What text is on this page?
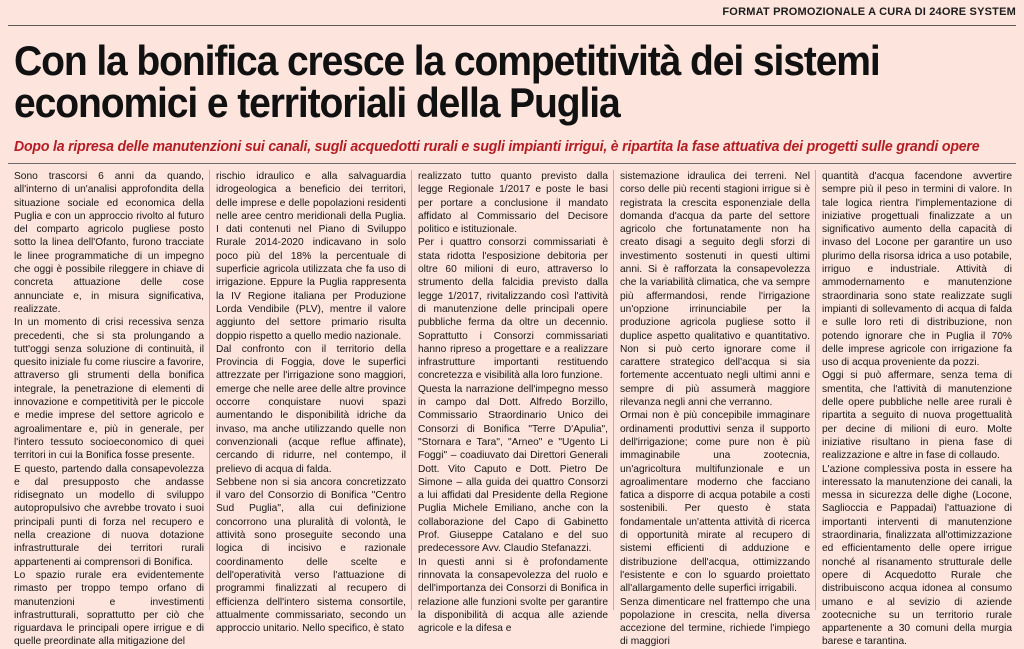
FORMAT PROMOZIONALE A CURA DI 24ORE SYSTEM
Con la bonifica cresce la competitività dei sistemi
economici e territoriali della Puglia

Dopo la ripresa delle manutenzioni sui canali, sugli acquedotti rurali e sugli impianti irrigui, è ripartita la fase attuativa dei progetti sulle grandi opere

Sono trascorsi 6 anni da quando, all'interno di un'analisi approfondita della situazione sociale ed economica della Puglia e con un approccio rivolto al futuro del comparto agricolo pugliese posto sotto la linea dell'Ofanto, furono tracciate le linee programmatiche di un impegno che oggi è possibile rileggere in chiave di concreta attuazione delle cose annunciate e, in misura significativa, realizzate.

In un momento di crisi recessiva senza precedenti, che si sta prolungando a tutt'oggi senza soluzione di continuità, il quesito iniziale fu come riuscire a favorire, attraverso gli strumenti della bonifica integrale, la penetrazione di elementi di innovazione e competitività per le piccole e medie imprese del settore agricolo e agroalimentare e, più in generale, per l'intero tessuto socioeconomico di quei territori in cui la Bonifica fosse presente.

E questo, partendo dalla consapevolezza e dal presupposto che andasse ridisegnato un modello di sviluppo autopropulsivo che avrebbe trovato i suoi principali punti di forza nel recupero e nella creazione di nuova dotazione infrastrutturale dei territori rurali appartenenti ai comprensori di Bonifica.

Lo spazio rurale era evidentemente rimasto per troppo tempo orfano di manutenzioni e investimenti infrastrutturali, soprattutto per ciò che riguardava le principali opere irrigue e di quelle preordinate alla mitigazione del

rischio idraulico e alla salvaguardia idrogeologica a beneficio dei territori, delle imprese e delle popolazioni residenti nelle aree centro meridionali della Puglia. I dati contenuti nel Piano di Sviluppo Rurale 2014-2020 indicavano in solo poco più del 18% la percentuale di superficie agricola utilizzata che fa uso di irrigazione. Eppure la Puglia rappresenta la IV Regione italiana per Produzione Lorda Vendibile (PLV), mentre il valore aggiunto del settore primario risulta doppio rispetto a quello medio nazionale.

Dal confronto con il territorio della Provincia di Foggia, dove le superfici attrezzate per l'irrigazione sono maggiori, emerge che nelle aree delle altre province occorre conquistare nuovi spazi aumentando le disponibilità idriche da invaso, ma anche utilizzando quelle non convenzionali (acque reflue affinate), cercando di ridurre, nel contempo, il prelievo di acqua di falda.

Sebbene non si sia ancora concretizzato il varo del Consorzio di Bonifica "Centro Sud Puglia", alla cui definizione concorrono una pluralità di volontà, le attività sono proseguite secondo una logica di incisivo e razionale coordinamento delle scelte e dell'operatività verso l'attuazione di programmi finalizzati al recupero di efficienza dell'intero sistema consortile, attualmente commissariato, secondo un approccio unitario. Nello specifico, è stato

realizzato tutto quanto previsto dalla legge Regionale 1/2017 e poste le basi per portare a conclusione il mandato affidato al Commissario del Decisore politico e istituzionale.

Per i quattro consorzi commissariati è stata ridotta l'esposizione debitoria per oltre 60 milioni di euro, attraverso lo strumento della falcidia previsto dalla legge 1/2017, rivitalizzando così l'attività di manutenzione delle principali opere pubbliche ferma da oltre un decennio. Soprattutto i Consorzi commissariati hanno ripreso a progettare e a realizzare infrastrutture importanti restituendo concretezza e visibilità alla loro funzione.

Questa la narrazione dell'impegno messo in campo dal Dott. Alfredo Borzillo, Commissario Straordinario Unico dei Consorzi di Bonifica "Terre D'Apulia", "Stornara e Tara", "Arneo" e "Ugento Li Foggi" – coadiuvato dai Direttori Generali Dott. Vito Caputo e Dott. Pietro De Simone – alla guida dei quattro Consorzi a lui affidati dal Presidente della Regione Puglia Michele Emiliano, anche con la collaborazione del Capo di Gabinetto Prof. Giuseppe Catalano e del suo predecessore Avv. Claudio Stefanazzi.

In questi anni si è profondamente rinnovata la consapevolezza del ruolo e dell'importanza dei Consorzi di Bonifica in relazione alle funzioni svolte per garantire la disponibilità di acqua alle aziende agricole e la difesa e

sistemazione idraulica dei terreni. Nel corso delle più recenti stagioni irrigue si è registrata la crescita esponenziale della domanda d'acqua da parte del settore agricolo che fortunatamente non ha creato disagi a seguito degli sforzi di investimento sostenuti in questi ultimi anni. Si è rafforzata la consapevolezza che la variabilità climatica, che va sempre più affermandosi, rende l'irrigazione un'opzione irrinunciabile per la produzione agricola pugliese sotto il duplice aspetto qualitativo e quantitativo. Non si può certo ignorare come il carattere strategico dell'acqua si sia fortemente accentuato negli ultimi anni e sempre di più assumerà maggiore rilevanza negli anni che verranno.

Ormai non è più concepibile immaginare ordinamenti produttivi senza il supporto dell'irrigazione; come pure non è più immaginabile una zootecnia, un'agricoltura multifunzionale e un agroalimentare moderno che facciano fatica a disporre di acqua potabile a costi sostenibili. Per questo è stata fondamentale un'attenta attività di ricerca di opportunità mirate al recupero di sistemi efficienti di adduzione e distribuzione dell'acqua, ottimizzando l'esistente e con lo sguardo proiettato all'allargamento delle superfici irrigabili.

Senza dimenticare nel frattempo che una popolazione in crescita, nella diversa accezione del termine, richiede l'impiego di maggiori

quantità d'acqua facendone avvertire sempre più il peso in termini di valore. In tale logica rientra l'implementazione di iniziative progettuali finalizzate a un significativo aumento della capacità di invaso del Locone per garantire un uso plurimo della risorsa idrica a uso potabile, irriguo e industriale. Attività di ammodernamento e manutenzione straordinaria sono state realizzate sugli impianti di sollevamento di acqua di falda e sulle loro reti di distribuzione, non potendo ignorare che in Puglia il 70% delle imprese agricole con irrigazione fa uso di acqua proveniente da pozzi.

Oggi si può affermare, senza tema di smentita, che l'attività di manutenzione delle opere pubbliche nelle aree rurali è ripartita a seguito di nuova progettualità per decine di milioni di euro. Molte iniziative risultano in piena fase di realizzazione e altre in fase di collaudo.

L'azione complessiva posta in essere ha interessato la manutenzione dei canali, la messa in sicurezza delle dighe (Locone, Saglioccia e Pappadai) l'attuazione di importanti interventi di manutenzione straordinaria, finalizzata all'ottimizzazione ed efficientamento delle opere irrigue nonché al risanamento strutturale delle opere di Acquedotto Rurale che distribuiscono acqua idonea al consumo umano e al sevizio di aziende zootecniche su un territorio rurale appartenente a 30 comuni della murgia barese e tarantina.
